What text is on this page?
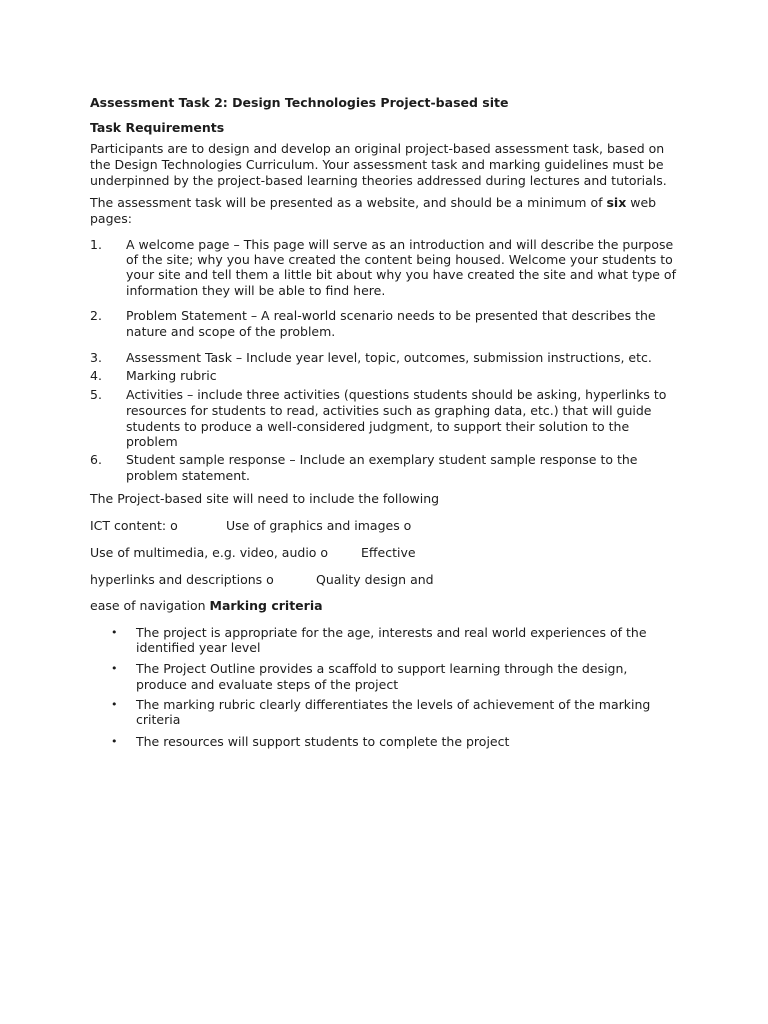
Assessment Task 2: Design Technologies Project-based site
Task Requirements
Participants are to design and develop an original project-based assessment task, based on
the Design Technologies Curriculum. Your assessment task and marking guidelines must be
underpinned by the project-based learning theories addressed during lectures and tutorials.
The assessment task will be presented as a website, and should be a minimum of six web
pages:
1. A welcome page – This page will serve as an introduction and will describe the purpose
of the site; why you have created the content being housed. Welcome your students to
your site and tell them a little bit about why you have created the site and what type of
information they will be able to find here.
2. Problem Statement – A real-world scenario needs to be presented that describes the
nature and scope of the problem.
3. Assessment Task – Include year level, topic, outcomes, submission instructions, etc.
4. Marking rubric
5. Activities – include three activities (questions students should be asking, hyperlinks to
resources for students to read, activities such as graphing data, etc.) that will guide
students to produce a well-considered judgment, to support their solution to the
problem
6. Student sample response – Include an exemplary student sample response to the
problem statement.
The Project-based site will need to include the following
ICT content: o	Use of graphics and images o
Use of multimedia, e.g. video, audio o	Effective
hyperlinks and descriptions o	Quality design and
ease of navigation Marking criteria
• The project is appropriate for the age, interests and real world experiences of the
identified year level
• The Project Outline provides a scaffold to support learning through the design,
produce and evaluate steps of the project
• The marking rubric clearly differentiates the levels of achievement of the marking
criteria
• The resources will support students to complete the project
